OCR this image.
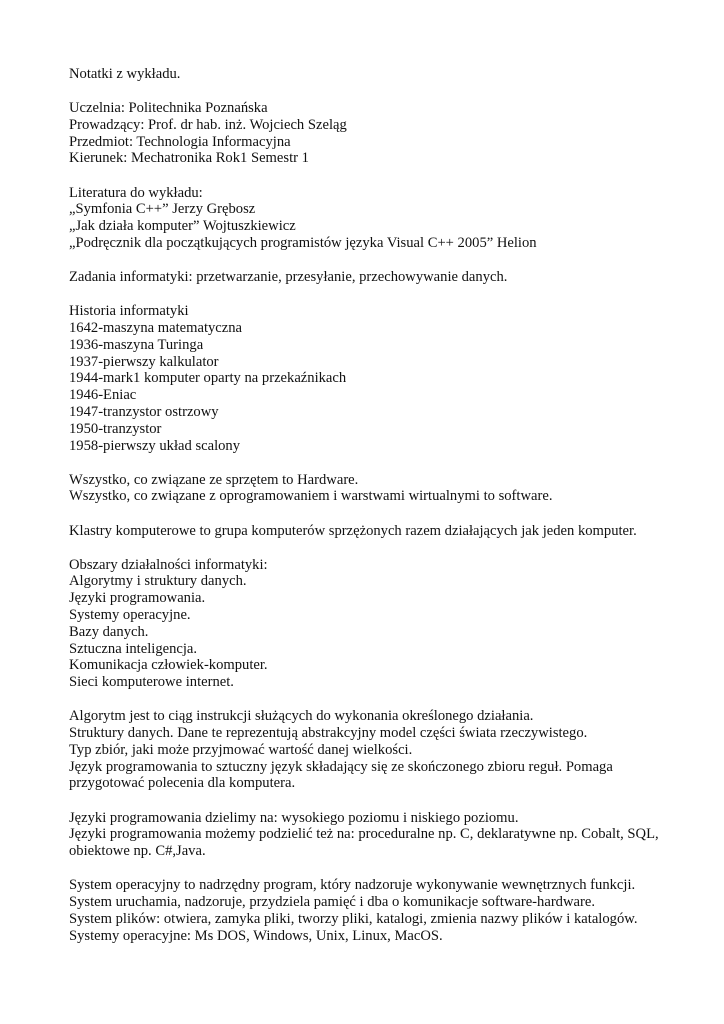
Notatki z wykładu.
Uczelnia: Politechnika Poznańska
Prowadzący: Prof. dr hab. inż. Wojciech Szeląg
Przedmiot: Technologia Informacyjna
Kierunek: Mechatronika Rok1 Semestr 1
Literatura do wykładu:
„Symfonia C++” Jerzy Grębosz
„Jak działa komputer” Wojtuszkiewicz
„Podręcznik dla początkujących programistów języka Visual C++ 2005” Helion
Zadania informatyki: przetwarzanie, przesyłanie, przechowywanie danych.
Historia informatyki
1642-maszyna matematyczna
1936-maszyna Turinga
1937-pierwszy kalkulator
1944-mark1 komputer oparty na przekaźnikach
1946-Eniac
1947-tranzystor ostrzowy
1950-tranzystor
1958-pierwszy układ scalony
Wszystko, co związane ze sprzętem to Hardware.
Wszystko, co związane z oprogramowaniem i warstwami wirtualnymi to software.
Klastry komputerowe to grupa komputerów sprzężonych razem działających jak jeden komputer.
Obszary działalności informatyki:
Algorytmy i struktury danych.
Języki programowania.
Systemy operacyjne.
Bazy danych.
Sztuczna inteligencja.
Komunikacja człowiek-komputer.
Sieci komputerowe internet.
Algorytm jest to ciąg instrukcji służących do wykonania określonego działania.
Struktury danych. Dane te reprezentują abstrakcyjny model części świata rzeczywistego.
Typ zbiór, jaki może przyjmować wartość danej wielkości.
Język programowania to sztuczny język składający się ze skończonego zbioru reguł. Pomaga przygotować polecenia dla komputera.
Języki programowania dzielimy na: wysokiego poziomu i niskiego poziomu.
Języki programowania możemy podzielić też na: proceduralne np. C, deklaratywne np. Cobalt, SQL, obiektowe np. C#,Java.
System operacyjny to nadrzędny program, który nadzoruje wykonywanie wewnętrznych funkcji.
System uruchamia, nadzoruje, przydziela pamięć i dba o komunikacje software-hardware.
System plików: otwiera, zamyka pliki, tworzy pliki, katalogi, zmienia nazwy plików i katalogów.
Systemy operacyjne: Ms DOS, Windows, Unix, Linux, MacOS.
